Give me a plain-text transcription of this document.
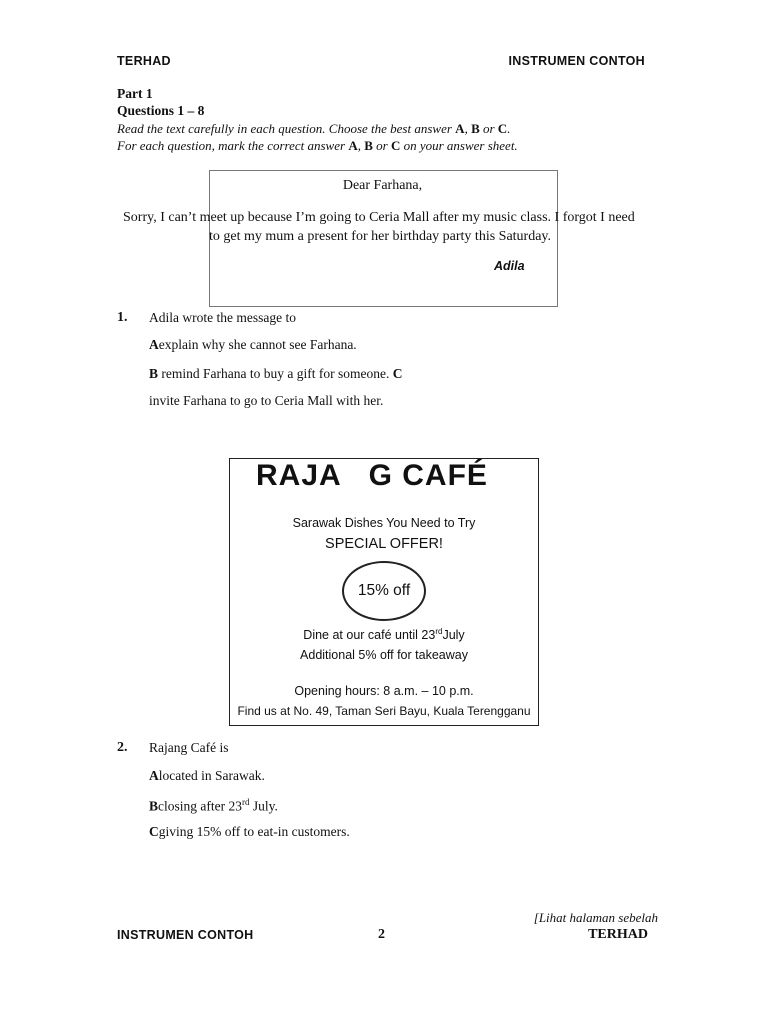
TERHAD	INSTRUMEN CONTOH
Part 1
Questions 1 – 8
Read the text carefully in each question. Choose the best answer A, B or C.
For each question, mark the correct answer A, B or C on your answer sheet.
Dear Farhana,
Sorry, I can’t meet up because I’m going to Ceria Mall after my music class. I forgot I need
to get my mum a present for her birthday party this Saturday.
Adila
1. Adila wrote the message to
Aexplain why she cannot see Farhana.
B remind Farhana to buy a gift for someone. C
invite Farhana to go to Ceria Mall with her.
RAJA   G CAFÉ
Sarawak Dishes You Need to Try
SPECIAL OFFER!
15% off
Dine at our café until 23rdJuly
Additional 5% off for takeaway
Opening hours: 8 a.m. – 10 p.m.
Find us at No. 49, Taman Seri Bayu, Kuala Terengganu
2. Rajang Café is
Alocated in Sarawak.
Bclosing after 23rd July.
Cgiving 15% off to eat-in customers.
[Lihat halaman sebelah
INSTRUMEN CONTOH	2	TERHAD
